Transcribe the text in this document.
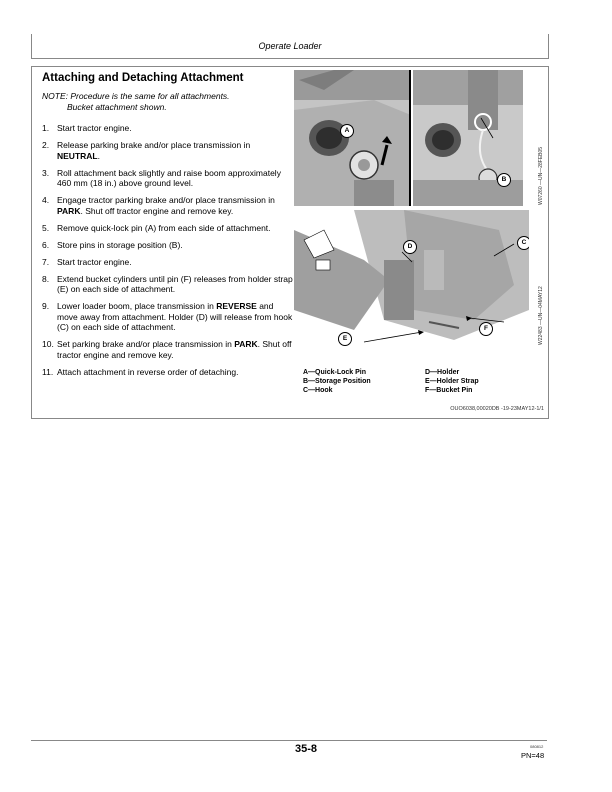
Operate Loader
Attaching and Detaching Attachment
NOTE: Procedure is the same for all attachments.
Bucket attachment shown.
1. Start tractor engine.
2. Release parking brake and/or place transmission in NEUTRAL.
3. Roll attachment back slightly and raise boom approximately 460 mm (18 in.) above ground level.
4. Engage tractor parking brake and/or place transmission in PARK. Shut off tractor engine and remove key.
5. Remove quick-lock pin (A) from each side of attachment.
6. Store pins in storage position (B).
7. Start tractor engine.
8. Extend bucket cylinders until pin (F) releases from holder strap (E) on each side of attachment.
9. Lower loader boom, place transmission in REVERSE and move away from attachment. Holder (D) will release from hook (C) on each side of attachment.
10. Set parking brake and/or place transmission in PARK. Shut off tractor engine and remove key.
11. Attach attachment in reverse order of detaching.
A
B	W07260 —UN—28FEB05
C
D
E
F	W22483 —UN—04MAY12
A—Quick-Lock Pin
B—Storage Position
C—Hook
D—Holder
E—Holder Strap
F—Bucket Pin
OUO6038,00020DB -19-23MAY12-1/1
35-8	080812
PN=48
